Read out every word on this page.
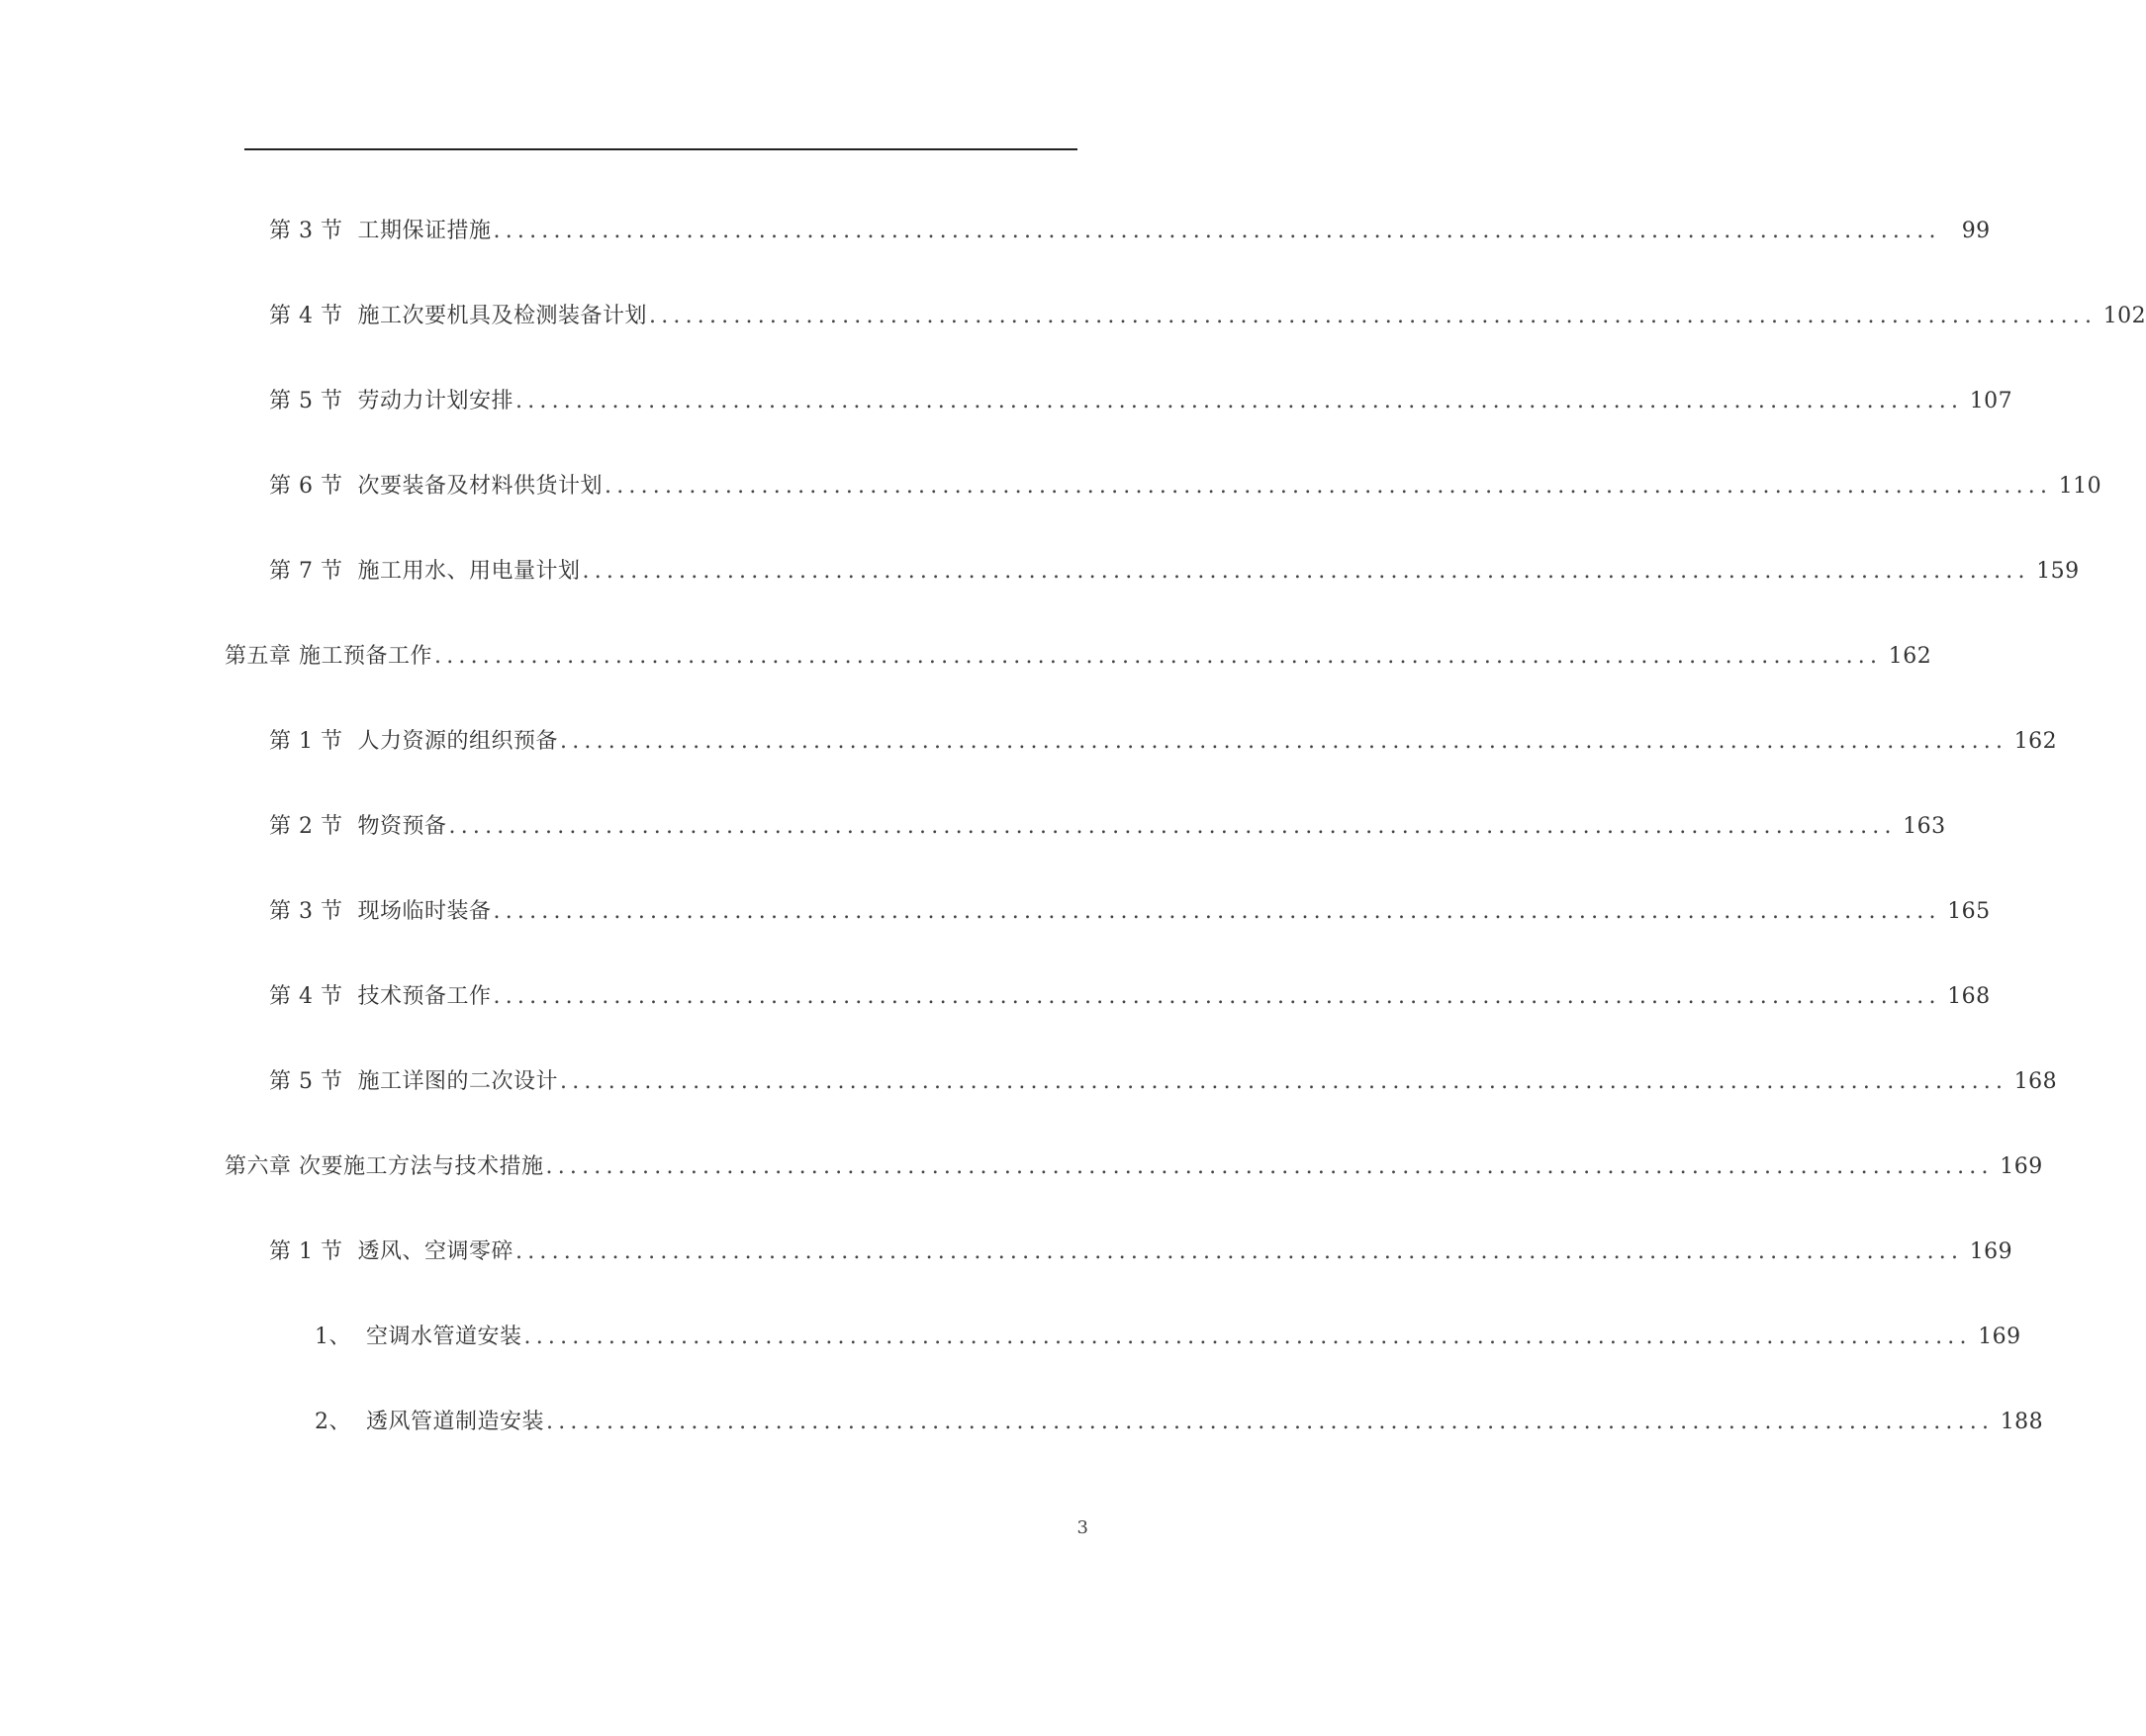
第 3 节 工期保证措施 ........................................................................................................................ 99
第 4 节 施工次要机具及检测装备计划 ........................................................................................................................ 102
第 5 节 劳动力计划安排 ........................................................................................................................ 107
第 6 节 次要装备及材料供货计划 ........................................................................................................................ 110
第 7 节 施工用水、用电量计划 ........................................................................................................................ 159
第五章 施工预备工作 ........................................................................................................................ 162
第 1 节 人力资源的组织预备 ........................................................................................................................ 162
第 2 节 物资预备 ........................................................................................................................ 163
第 3 节 现场临时装备 ........................................................................................................................ 165
第 4 节 技术预备工作 ........................................................................................................................ 168
第 5 节 施工详图的二次设计 ........................................................................................................................ 168
第六章 次要施工方法与技术措施 ........................................................................................................................ 169
第 1 节 透风、空调零碎 ........................................................................................................................ 169
1、 空调水管道安装 ........................................................................................................................ 169
2、 透风管道制造安装 ........................................................................................................................ 188
3
